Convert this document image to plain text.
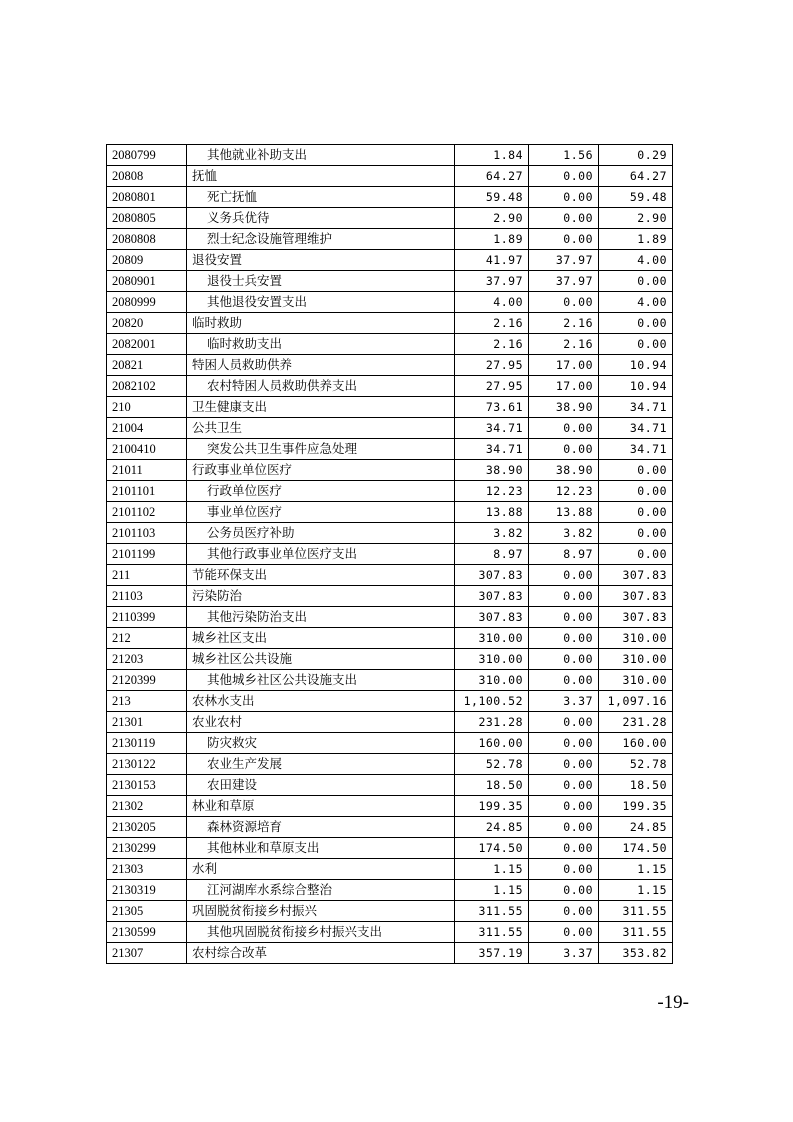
2080799	其他就业补助支出	1.84	1.56	0.29
20808	抚恤	64.27	0.00	64.27
2080801	死亡抚恤	59.48	0.00	59.48
2080805	义务兵优待	2.90	0.00	2.90
2080808	烈士纪念设施管理维护	1.89	0.00	1.89
20809	退役安置	41.97	37.97	4.00
2080901	退役士兵安置	37.97	37.97	0.00
2080999	其他退役安置支出	4.00	0.00	4.00
20820	临时救助	2.16	2.16	0.00
2082001	临时救助支出	2.16	2.16	0.00
20821	特困人员救助供养	27.95	17.00	10.94
2082102	农村特困人员救助供养支出	27.95	17.00	10.94
210	卫生健康支出	73.61	38.90	34.71
21004	公共卫生	34.71	0.00	34.71
2100410	突发公共卫生事件应急处理	34.71	0.00	34.71
21011	行政事业单位医疗	38.90	38.90	0.00
2101101	行政单位医疗	12.23	12.23	0.00
2101102	事业单位医疗	13.88	13.88	0.00
2101103	公务员医疗补助	3.82	3.82	0.00
2101199	其他行政事业单位医疗支出	8.97	8.97	0.00
211	节能环保支出	307.83	0.00	307.83
21103	污染防治	307.83	0.00	307.83
2110399	其他污染防治支出	307.83	0.00	307.83
212	城乡社区支出	310.00	0.00	310.00
21203	城乡社区公共设施	310.00	0.00	310.00
2120399	其他城乡社区公共设施支出	310.00	0.00	310.00
213	农林水支出	1,100.52	3.37	1,097.16
21301	农业农村	231.28	0.00	231.28
2130119	防灾救灾	160.00	0.00	160.00
2130122	农业生产发展	52.78	0.00	52.78
2130153	农田建设	18.50	0.00	18.50
21302	林业和草原	199.35	0.00	199.35
2130205	森林资源培育	24.85	0.00	24.85
2130299	其他林业和草原支出	174.50	0.00	174.50
21303	水利	1.15	0.00	1.15
2130319	江河湖库水系综合整治	1.15	0.00	1.15
21305	巩固脱贫衔接乡村振兴	311.55	0.00	311.55
2130599	其他巩固脱贫衔接乡村振兴支出	311.55	0.00	311.55
21307	农村综合改革	357.19	3.37	353.82
-19-
